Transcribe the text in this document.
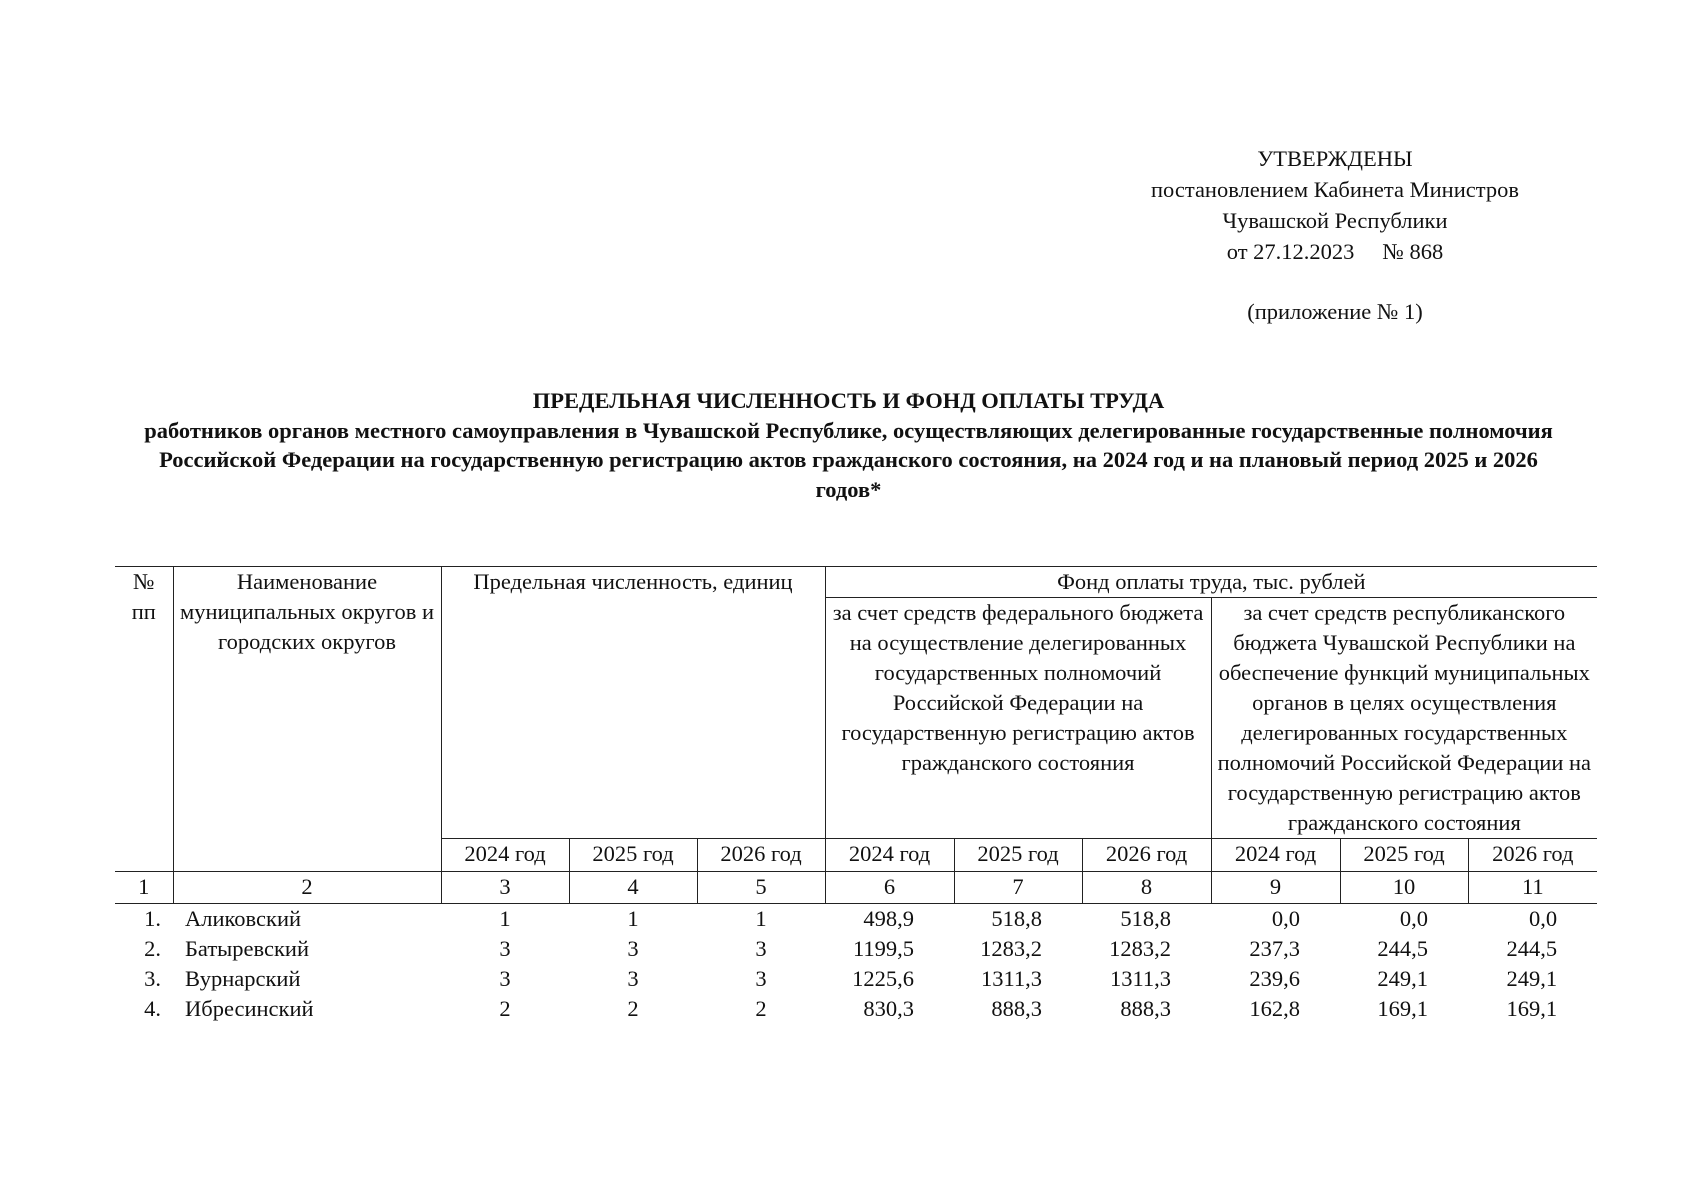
УТВЕРЖДЕНЫ
постановлением Кабинета Министров
Чувашской Республики
от 27.12.2023 № 868
(приложение № 1)
ПРЕДЕЛЬНАЯ ЧИСЛЕННОСТЬ И ФОНД ОПЛАТЫ ТРУДА
работников органов местного самоуправления в Чувашской Республике, осуществляющих делегированные государственные полномочия Российской Федерации на государственную регистрацию актов гражданского состояния, на 2024 год и на плановый период 2025 и 2026 годов*
№ пп	Наименование муниципальных округов и городских округов	Предельная численность, единиц			Фонд оплаты труда, тыс. рублей					
					за счет средств федерального бюджета на осуществление делегированных государственных полномочий Российской Федерации на государственную регистрацию актов гражданского состояния			за счет средств республиканского бюджета Чувашской Республики на обеспечение функций муниципальных органов в целях осуществления делегированных государственных полномочий Российской Федерации на государственную регистрацию актов гражданского состояния		
		2024 год	2025 год	2026 год	2024 год	2025 год	2026 год	2024 год	2025 год	2026 год
1	2	3	4	5	6	7	8	9	10	11
1.	Аликовский	1	1	1	498,9	518,8	518,8	0,0	0,0	0,0
2.	Батыревский	3	3	3	1199,5	1283,2	1283,2	237,3	244,5	244,5
3.	Вурнарский	3	3	3	1225,6	1311,3	1311,3	239,6	249,1	249,1
4.	Ибресинский	2	2	2	830,3	888,3	888,3	162,8	169,1	169,1
